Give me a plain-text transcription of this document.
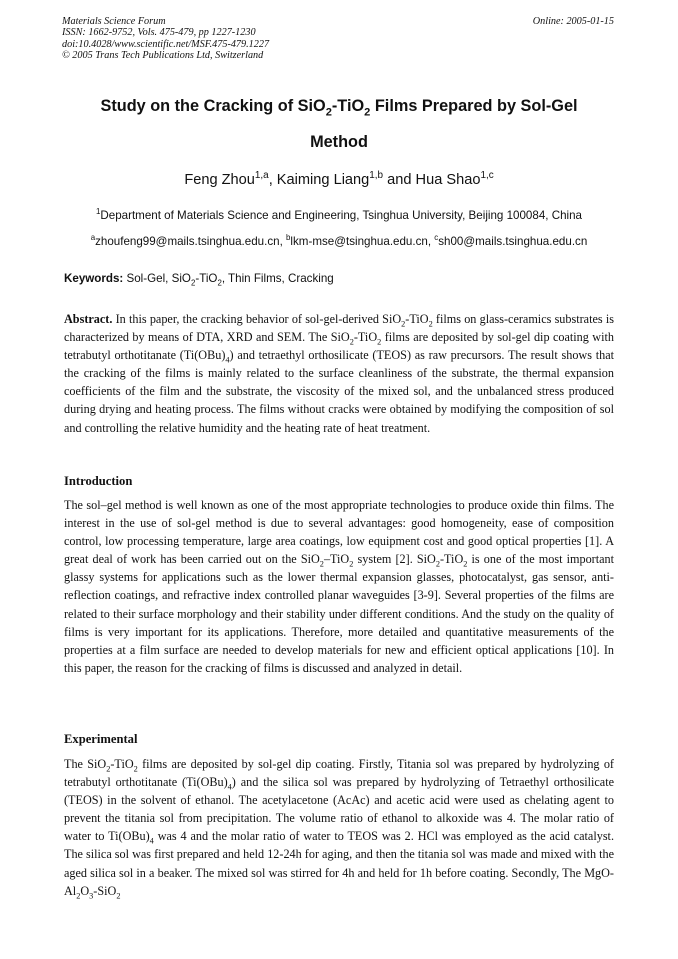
Materials Science Forum
ISSN: 1662-9752, Vols. 475-479, pp 1227-1230
doi:10.4028/www.scientific.net/MSF.475-479.1227
© 2005 Trans Tech Publications Ltd, Switzerland
Online: 2005-01-15
Study on the Cracking of SiO$_2$-TiO$_2$ Films Prepared by Sol-Gel
Method
Feng Zhou$^{1,a}$, Kaiming Liang$^{1,b}$ and Hua Shao$^{1,c}$
$^1$Department of Materials Science and Engineering, Tsinghua University, Beijing 100084, China
$^a$zhoufeng99@mails.tsinghua.edu.cn, $^b$lkm-mse@tsinghua.edu.cn, $^c$sh00@mails.tsinghua.edu.cn
Keywords: Sol-Gel, SiO$_2$-TiO$_2$, Thin Films, Cracking
Abstract. In this paper, the cracking behavior of sol-gel-derived SiO$_2$-TiO$_2$ films on glass-ceramics substrates is characterized by means of DTA, XRD and SEM. The SiO$_2$-TiO$_2$ films are deposited by sol-gel dip coating with tetrabutyl orthotitanate $(Ti(OBu)_4)$ and tetraethyl orthosilicate (TEOS) as raw precursors. The result shows that the cracking of the films is mainly related to the surface cleanliness of the substrate, the thermal expansion coefficients of the film and the substrate, the viscosity of the mixed sol, and the unbalanced stress produced during drying and heating process. The films without cracks were obtained by modifying the composition of sol and controlling the relative humidity and the heating rate of heat treatment.
Introduction
The sol–gel method is well known as one of the most appropriate technologies to produce oxide thin films. The interest in the use of sol-gel method is due to several advantages: good homogeneity, ease of composition control, low processing temperature, large area coatings, low equipment cost and good optical properties [1]. A great deal of work has been carried out on the SiO$_2$–TiO$_2$ system [2]. SiO$_2$-TiO$_2$ is one of the most important glassy systems for applications such as the lower thermal expansion glasses, photocatalyst, gas sensor, anti-reflection coatings, and refractive index controlled planar waveguides [3-9]. Several properties of the films are related to their surface morphology and their stability under different conditions. And the study on the quality of films is very important for its applications. Therefore, more detailed and quantitative measurements of the properties at a film surface are needed to develop materials for new and efficient optical applications [10]. In this paper, the reason for the cracking of films is discussed and analyzed in detail.
Experimental
The SiO$_2$-TiO$_2$ films are deposited by sol-gel dip coating. Firstly, Titania sol was prepared by hydrolyzing of tetrabutyl orthotitanate $(Ti(OBu)_4)$ and the silica sol was prepared by hydrolyzing of Tetraethyl orthosilicate (TEOS) in the solvent of ethanol. The acetylacetone (AcAc) and acetic acid were used as chelating agent to prevent the titania sol from precipitation. The volume ratio of ethanol to alkoxide was 4. The molar ratio of water to $Ti(OBu)_4$ was 4 and the molar ratio of water to TEOS was 2. HCl was employed as the acid catalyst. The silica sol was first prepared and held 12-24h for aging, and then the titania sol was made and mixed with the aged silica sol in a beaker. The mixed sol was stirred for 4h and held for 1h before coating. Secondly, The MgO-$Al_2O_3-SiO_2$
